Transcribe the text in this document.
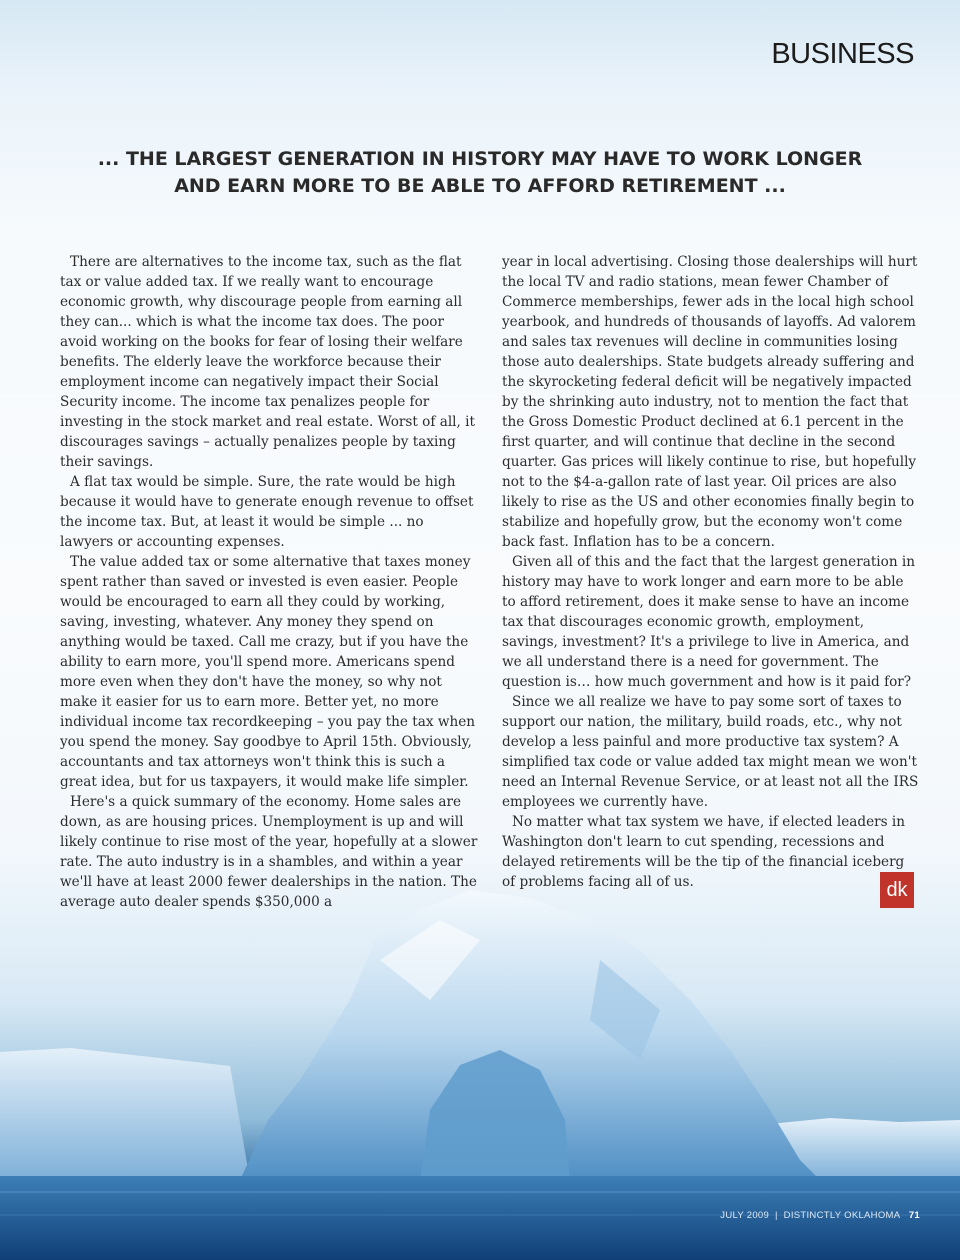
BUSINESS
... THE LARGEST GENERATION IN HISTORY MAY HAVE TO WORK LONGER AND EARN MORE TO BE ABLE TO AFFORD RETIREMENT ...

There are alternatives to the income tax, such as the flat tax or value added tax. If we really want to encourage economic growth, why discourage people from earning all they can... which is what the income tax does. The poor avoid working on the books for fear of losing their welfare benefits. The elderly leave the workforce because their employment income can negatively impact their Social Security income. The income tax penalizes people for investing in the stock market and real estate. Worst of all, it discourages savings – actually penalizes people by taxing their savings.

A flat tax would be simple. Sure, the rate would be high because it would have to generate enough revenue to offset the income tax. But, at least it would be simple ... no lawyers or accounting expenses.

The value added tax or some alternative that taxes money spent rather than saved or invested is even easier. People would be encouraged to earn all they could by working, saving, investing, whatever. Any money they spend on anything would be taxed. Call me crazy, but if you have the ability to earn more, you'll spend more. Americans spend more even when they don't have the money, so why not make it easier for us to earn more. Better yet, no more individual income tax recordkeeping – you pay the tax when you spend the money. Say goodbye to April 15th. Obviously, accountants and tax attorneys won't think this is such a great idea, but for us taxpayers, it would make life simpler.

Here's a quick summary of the economy. Home sales are down, as are housing prices. Unemployment is up and will likely continue to rise most of the year, hopefully at a slower rate. The auto industry is in a shambles, and within a year we'll have at least 2000 fewer dealerships in the nation. The average auto dealer spends $350,000 a

year in local advertising. Closing those dealerships will hurt the local TV and radio stations, mean fewer Chamber of Commerce memberships, fewer ads in the local high school yearbook, and hundreds of thousands of layoffs. Ad valorem and sales tax revenues will decline in communities losing those auto dealerships. State budgets already suffering and the skyrocketing federal deficit will be negatively impacted by the shrinking auto industry, not to mention the fact that the Gross Domestic Product declined at 6.1 percent in the first quarter, and will continue that decline in the second quarter. Gas prices will likely continue to rise, but hopefully not to the $4-a-gallon rate of last year. Oil prices are also likely to rise as the US and other economies finally begin to stabilize and hopefully grow, but the economy won't come back fast. Inflation has to be a concern.

Given all of this and the fact that the largest generation in history may have to work longer and earn more to be able to afford retirement, does it make sense to have an income tax that discourages economic growth, employment, savings, investment? It's a privilege to live in America, and we all understand there is a need for government. The question is… how much government and how is it paid for?

Since we all realize we have to pay some sort of taxes to support our nation, the military, build roads, etc., why not develop a less painful and more productive tax system? A simplified tax code or value added tax might mean we won't need an Internal Revenue Service, or at least not all the IRS employees we currently have.

No matter what tax system we have, if elected leaders in Washington don't learn to cut spending, recessions and delayed retirements will be the tip of the financial iceberg of problems facing all of us.	dk
JULY 2009 | DISTINCTLY OKLAHOMA 71
